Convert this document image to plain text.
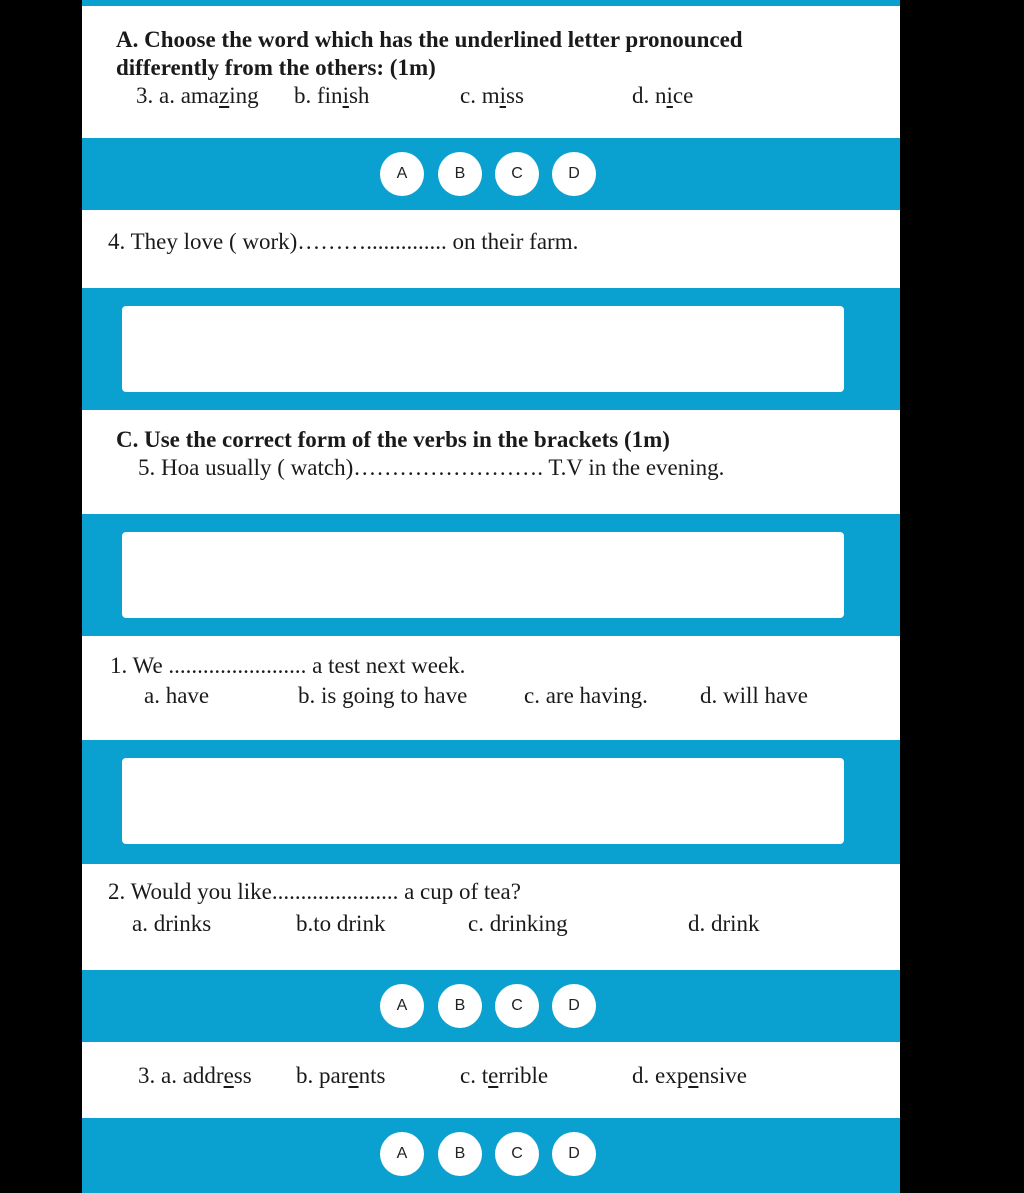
A. Choose the word which has the underlined letter pronounced
differently from the others: (1m)
3. a. amazing b. finish	c. miss	d. nice
A	B	C	D
4. They love ( work)……….............. on their farm.
C. Use the correct form of the verbs in the brackets (1m)
5. Hoa usually ( watch)……………………. T.V in the evening.
1. We ........................ a test next week.
a. have	b. is going to have c. are having. d. will have
2. Would you like...................... a cup of tea?
a. drinks	b.to drink	c. drinking	d. drink
A	B	C	D
3. a. address b. parents	c. terrible	d. expensive
A	B	C	D
